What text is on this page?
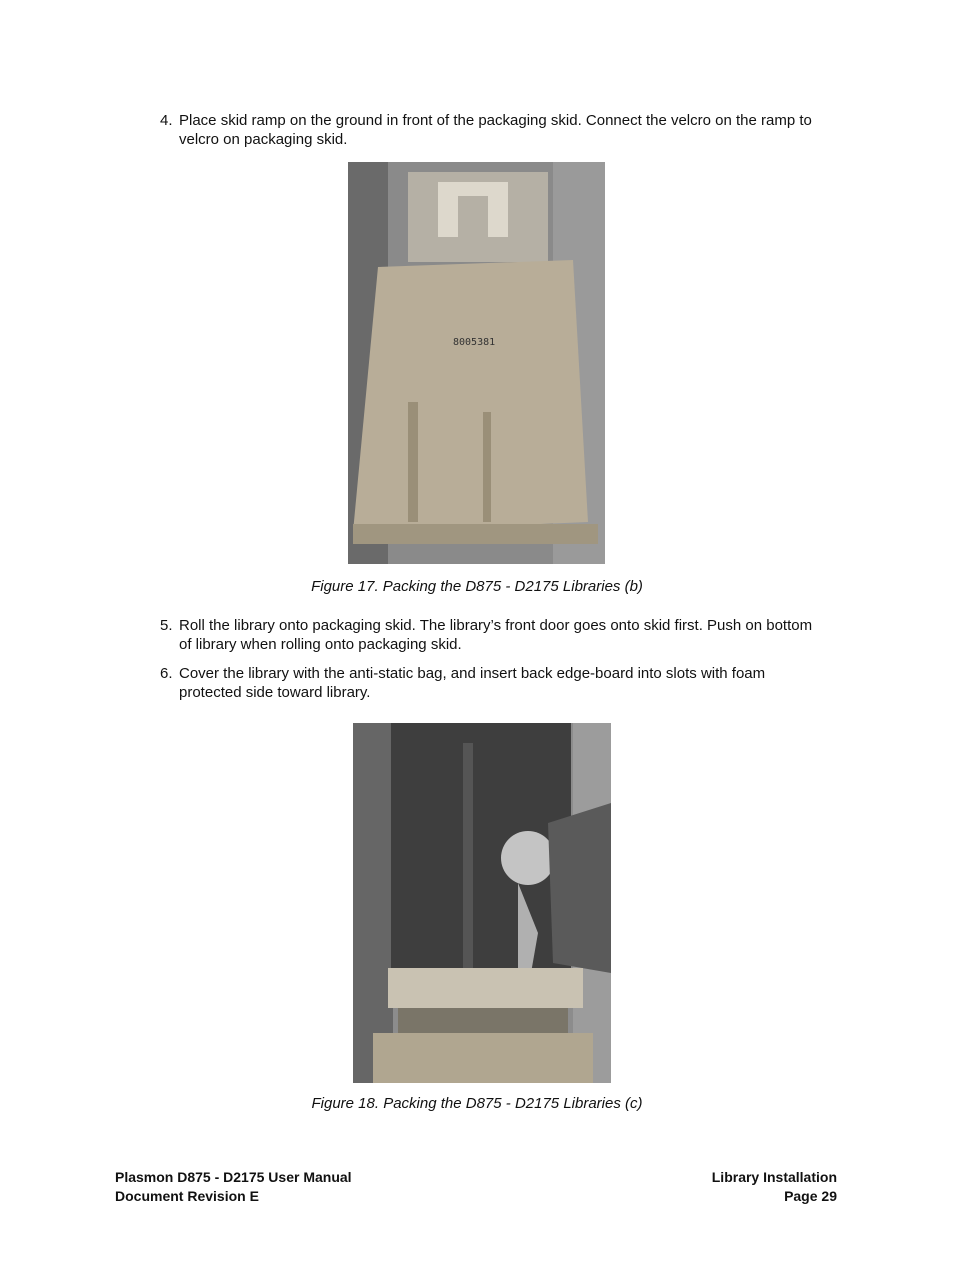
4. Place skid ramp on the ground in front of the packaging skid. Connect the velcro on the ramp to velcro on packaging skid.
8005381
Figure 17. Packing the D875 - D2175 Libraries (b)
5. Roll the library onto packaging skid. The library’s front door goes onto skid first. Push on bottom of library when rolling onto packaging skid.
6. Cover the library with the anti-static bag, and insert back edge-board into slots with foam protected side toward library.
Figure 18. Packing the D875 - D2175 Libraries (c)
Plasmon D875 - D2175 User Manual
Document Revision E
Library Installation
Page 29
